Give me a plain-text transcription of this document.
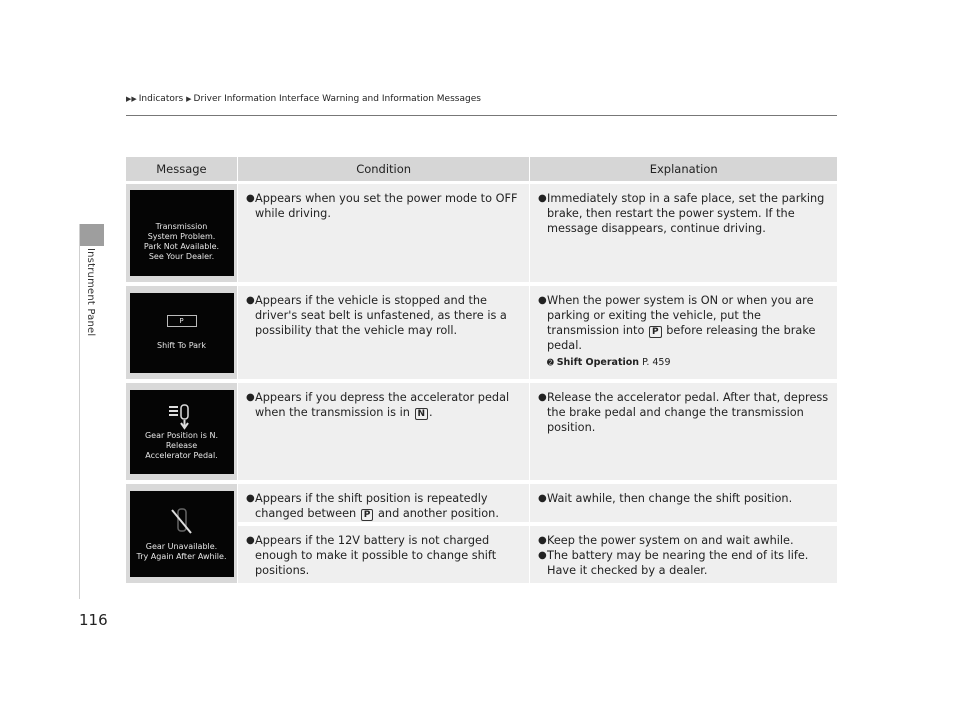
Instrument Panel
▶▶ Indicators ▶ Driver Information Interface Warning and Information Messages
Message	Condition	Explanation
Transmission
System Problem.
Park Not Available.
See Your Dealer.
● Appears when you set the power mode to OFF while driving.
● Immediately stop in a safe place, set the parking brake, then restart the power system. If the message disappears, continue driving.
P
Shift To Park
● Appears if the vehicle is stopped and the driver's seat belt is unfastened, as there is a possibility that the vehicle may roll.
● When the power system is ON or when you are parking or exiting the vehicle, put the transmission into P before releasing the brake pedal.
➋ Shift Operation P. 459
Gear Position is N.
Release
Accelerator Pedal.
● Appears if you depress the accelerator pedal when the transmission is in N .
● Release the accelerator pedal. After that, depress the brake pedal and change the transmission position.
Gear Unavailable.
Try Again After Awhile.
● Appears if the shift position is repeatedly changed between P and another position.
● Wait awhile, then change the shift position.
● Appears if the 12V battery is not charged enough to make it possible to change shift positions.
● Keep the power system on and wait awhile.
● The battery may be nearing the end of its life. Have it checked by a dealer.
116
